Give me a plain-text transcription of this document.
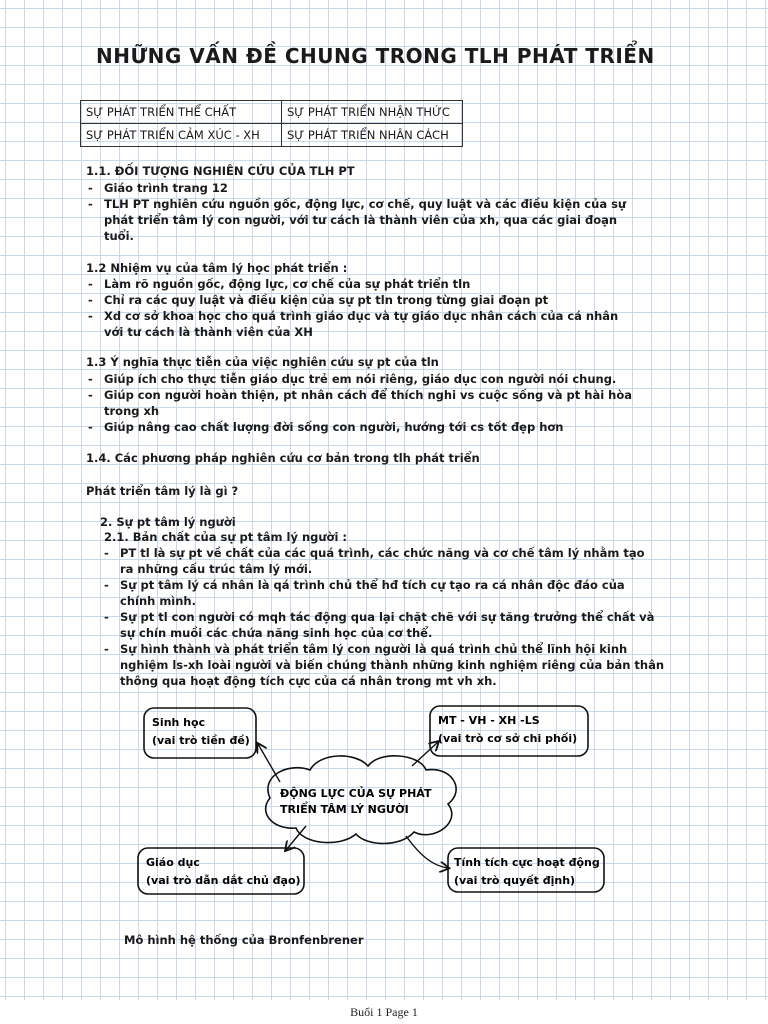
NHỮNG VẤN ĐỀ CHUNG TRONG TLH PHÁT TRIỂN
SỰ PHÁT TRIỂN THỂ CHẤT	SỰ PHÁT TRIỂN NHẬN THỨC
SỰ PHÁT TRIỂN CẢM XÚC - XH	SỰ PHÁT TRIỂN NHÂN CÁCH

1.1. ĐỐI TƯỢNG NGHIÊN CỨU CỦA TLH PT

- Giáo trình trang 12
- TLH PT nghiên cứu nguồn gốc, động lực, cơ chế, quy luật và các điều kiện của sự
phát triển tâm lý con người, với tư cách là thành viên của xh, qua các giai đoạn
tuổi.

1.2 Nhiệm vụ của tâm lý học phát triển :

- Làm rõ nguồn gốc, động lực, cơ chế của sự phát triển tln
- Chỉ ra các quy luật và điều kiện của sự pt tln trong từng giai đoạn pt
- Xd cơ sở khoa học cho quá trình giáo dục và tự giáo dục nhân cách của cá nhân
với tư cách là thành viên của XH

1.3 Ý nghĩa thực tiễn của việc nghiên cứu sự pt của tln

- Giúp ích cho thực tiễn giáo dục trẻ em nói riêng, giáo dục con người nói chung.
- Giúp con người hoàn thiện, pt nhân cách để thích nghi vs cuộc sống và pt hài hòa
trong xh
- Giúp nâng cao chất lượng đời sống con người, hướng tới cs tốt đẹp hơn

1.4. Các phương pháp nghiên cứu cơ bản trong tlh phát triển

Phát triển tâm lý là gì ?

2. Sự pt tâm lý người

2.1. Bản chất của sự pt tâm lý người :

- PT tl là sự pt về chất của các quá trình, các chức năng và cơ chế tâm lý nhằm tạo
ra những cấu trúc tâm lý mới.
- Sự pt tâm lý cá nhân là qá trình chủ thể hđ tích cự tạo ra cá nhân độc đáo của
chính mình.
- Sự pt tl con người có mqh tác động qua lại chặt chẽ với sự tăng trưởng thể chất và
sự chín muồi các chứa năng sinh học của cơ thể.
- Sự hình thành và phát triển tâm lý con người là quá trình chủ thể lĩnh hội kinh
nghiệm ls-xh loài người và biến chúng thành những kinh nghiệm riêng của bản thân
thông qua hoạt động tích cực của cá nhân trong mt vh xh.
Sinh học
(vai trò tiền đề)
MT - VH - XH -LS
(vai trò cơ sở chi phối)
Giáo dục
(vai trò dẫn dắt chủ đạo)
Tính tích cực hoạt động
(vai trò quyết định)
ĐỘNG LỰC CỦA SỰ PHÁT
TRIỂN TÂM LÝ NGƯỜI

Mô hình hệ thống của Bronfenbrener

Buổi 1 Page 1
